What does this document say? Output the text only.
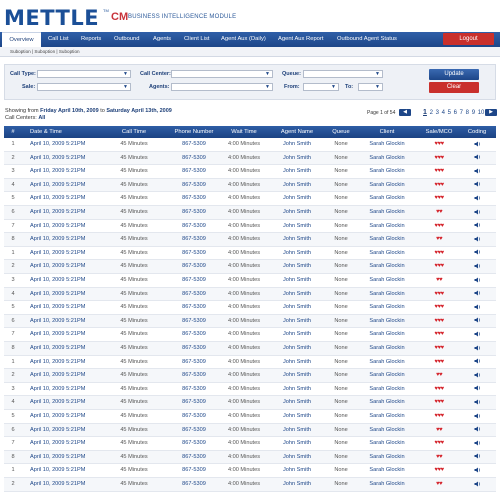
METTLE TM
CM BUSINESS INTELLIGENCE MODULE
Overview	Call List Reports Outbound Agents Client List Agent Aux (Daily) Agent Aux Report Outbound Agent Status	Logout
Suboption | Suboption | Suboption
Call Type:	▼ Call Center:	▼ Queue:	▼
Sale:	▼	Agents:	▼	From:	▼ To:	▼
Update
Clear
Showing from Friday April 10th, 2009 to Saturday April 13th, 2009
Call Centers: All
Page 1 of 54	◀	1 2 3 4 5 6 7 8 9 10 ▶
#	Date & Time	Call Time	Phone Number	Wait Time	Agent Name	Queue	Client	Sale/MCO	Coding
1	April 10, 2009 5:21PM	45 Minutes	867-5309	4:00 Minutes	John Smith	None	Sarah Glockin	♥♥♥
2	April 10, 2009 5:21PM	45 Minutes	867-5309	4:00 Minutes	John Smith	None	Sarah Glockin	♥♥♥
3	April 10, 2009 5:21PM	45 Minutes	867-5309	4:00 Minutes	John Smith	None	Sarah Glockin	♥♥♥
4	April 10, 2009 5:21PM	45 Minutes	867-5309	4:00 Minutes	John Smith	None	Sarah Glockin	♥♥♥
5	April 10, 2009 5:21PM	45 Minutes	867-5309	4:00 Minutes	John Smith	None	Sarah Glockin	♥♥♥
6	April 10, 2009 5:21PM	45 Minutes	867-5309	4:00 Minutes	John Smith	None	Sarah Glockin	♥♥
7	April 10, 2009 5:21PM	45 Minutes	867-5309	4:00 Minutes	John Smith	None	Sarah Glockin	♥♥♥
8	April 10, 2009 5:21PM	45 Minutes	867-5309	4:00 Minutes	John Smith	None	Sarah Glockin	♥♥
1	April 10, 2009 5:21PM	45 Minutes	867-5309	4:00 Minutes	John Smith	None	Sarah Glockin	♥♥♥
2	April 10, 2009 5:21PM	45 Minutes	867-5309	4:00 Minutes	John Smith	None	Sarah Glockin	♥♥♥
3	April 10, 2009 5:21PM	45 Minutes	867-5309	4:00 Minutes	John Smith	None	Sarah Glockin	♥♥
4	April 10, 2009 5:21PM	45 Minutes	867-5309	4:00 Minutes	John Smith	None	Sarah Glockin	♥♥♥
5	April 10, 2009 5:21PM	45 Minutes	867-5309	4:00 Minutes	John Smith	None	Sarah Glockin	♥♥♥
6	April 10, 2009 5:21PM	45 Minutes	867-5309	4:00 Minutes	John Smith	None	Sarah Glockin	♥♥♥
7	April 10, 2009 5:21PM	45 Minutes	867-5309	4:00 Minutes	John Smith	None	Sarah Glockin	♥♥♥
8	April 10, 2009 5:21PM	45 Minutes	867-5309	4:00 Minutes	John Smith	None	Sarah Glockin	♥♥♥
1	April 10, 2009 5:21PM	45 Minutes	867-5309	4:00 Minutes	John Smith	None	Sarah Glockin	♥♥♥
2	April 10, 2009 5:21PM	45 Minutes	867-5309	4:00 Minutes	John Smith	None	Sarah Glockin	♥♥
3	April 10, 2009 5:21PM	45 Minutes	867-5309	4:00 Minutes	John Smith	None	Sarah Glockin	♥♥♥
4	April 10, 2009 5:21PM	45 Minutes	867-5309	4:00 Minutes	John Smith	None	Sarah Glockin	♥♥♥
5	April 10, 2009 5:21PM	45 Minutes	867-5309	4:00 Minutes	John Smith	None	Sarah Glockin	♥♥♥
6	April 10, 2009 5:21PM	45 Minutes	867-5309	4:00 Minutes	John Smith	None	Sarah Glockin	♥♥
7	April 10, 2009 5:21PM	45 Minutes	867-5309	4:00 Minutes	John Smith	None	Sarah Glockin	♥♥♥
8	April 10, 2009 5:21PM	45 Minutes	867-5309	4:00 Minutes	John Smith	None	Sarah Glockin	♥♥
1	April 10, 2009 5:21PM	45 Minutes	867-5309	4:00 Minutes	John Smith	None	Sarah Glockin	♥♥♥
2	April 10, 2009 5:21PM	45 Minutes	867-5309	4:00 Minutes	John Smith	None	Sarah Glockin	♥♥
